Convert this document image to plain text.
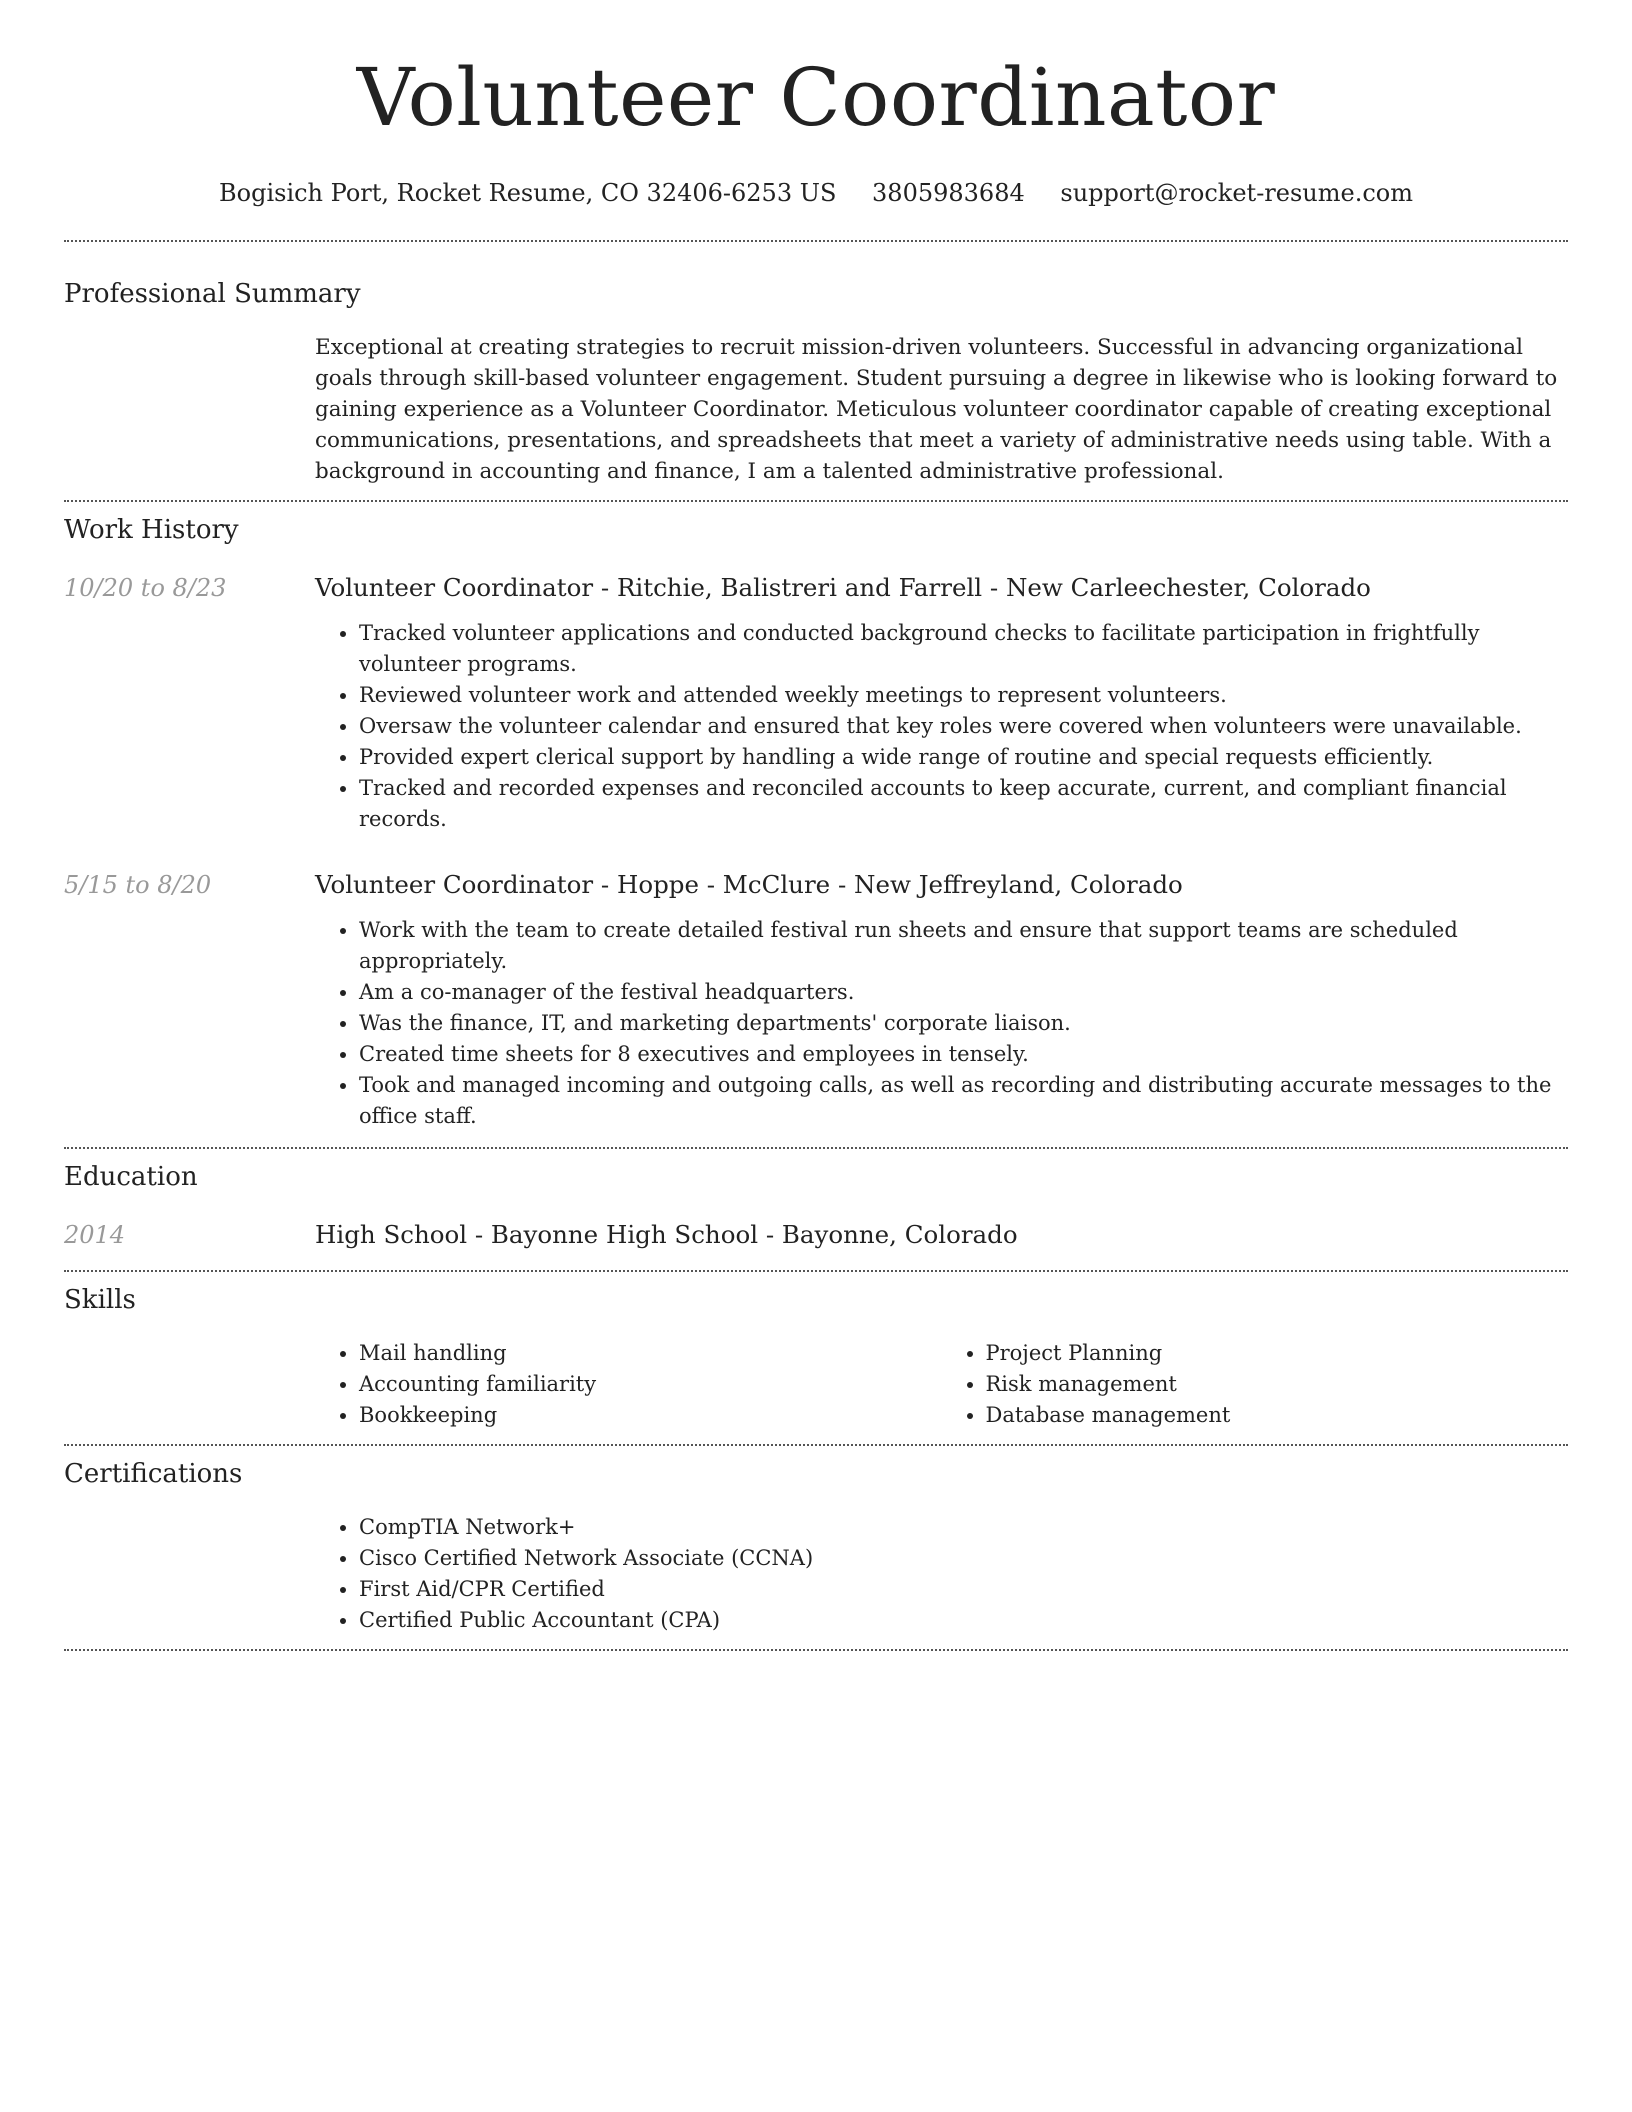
Volunteer Coordinator
Bogisich Port, Rocket Resume, CO 32406-6253 US 3805983684 support@rocket-resume.com
Professional Summary

Exceptional at creating strategies to recruit mission-driven volunteers. Successful in advancing organizational goals through skill-based volunteer engagement. Student pursuing a degree in likewise who is looking forward to gaining experience as a Volunteer Coordinator. Meticulous volunteer coordinator capable of creating exceptional communications, presentations, and spreadsheets that meet a variety of administrative needs using table. With a background in accounting and finance, I am a talented administrative professional.

Work History
10/20 to 8/23	Volunteer Coordinator - Ritchie, Balistreri and Farrell - New Carleechester, Colorado

• Tracked volunteer applications and conducted background checks to facilitate participation in frightfully volunteer programs.
• Reviewed volunteer work and attended weekly meetings to represent volunteers.
• Oversaw the volunteer calendar and ensured that key roles were covered when volunteers were unavailable.
• Provided expert clerical support by handling a wide range of routine and special requests efficiently.
• Tracked and recorded expenses and reconciled accounts to keep accurate, current, and compliant financial records.
5/15 to 8/20	Volunteer Coordinator - Hoppe - McClure - New Jeffreyland, Colorado

• Work with the team to create detailed festival run sheets and ensure that support teams are scheduled appropriately.
• Am a co-manager of the festival headquarters.
• Was the finance, IT, and marketing departments' corporate liaison.
• Created time sheets for 8 executives and employees in tensely.
• Took and managed incoming and outgoing calls, as well as recording and distributing accurate messages to the office staff.
Education
2014	High School - Bayonne High School - Bayonne, Colorado

Skills
• Mail handling
• Accounting familiarity
• Bookkeeping
• Project Planning
• Risk management
• Database management
Certifications
• CompTIA Network+
• Cisco Certified Network Associate (CCNA)
• First Aid/CPR Certified
• Certified Public Accountant (CPA)
